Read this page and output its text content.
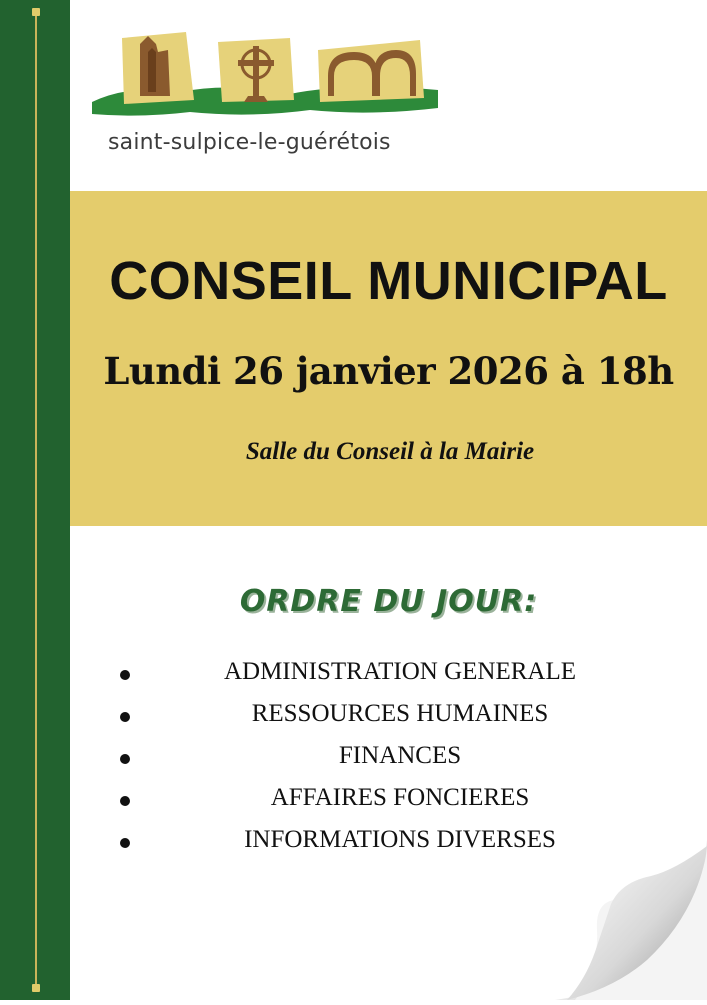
saint-sulpice-le-guérétois
CONSEIL MUNICIPAL
Lundi 26 janvier 2026 à 18h
Salle du Conseil à la Mairie
ORDRE DU JOUR:
ADMINISTRATION GENERALE
RESSOURCES HUMAINES
FINANCES
AFFAIRES FONCIERES
INFORMATIONS DIVERSES
